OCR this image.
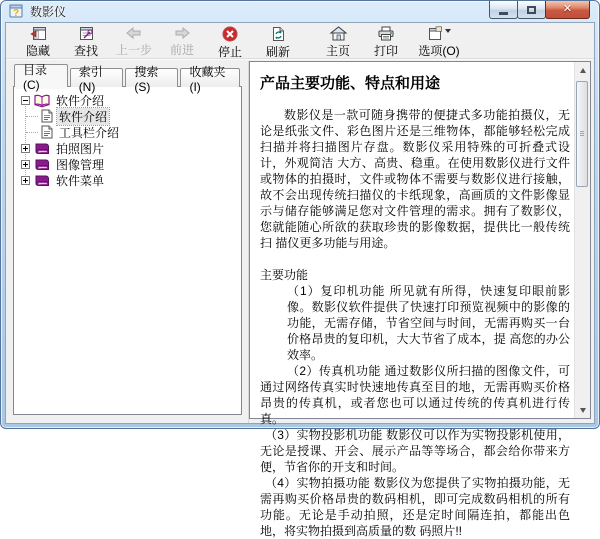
? 数影仪	✕
隐藏 查找 上一步 前进 停止 刷新	主页 打印 选项(O)
目录(C)
索引(N)
搜索(S)
收藏夹(I)
软件介绍
软件介绍
工具栏介绍
拍照图片
图像管理
软件菜单
产品主要功能、特点和用途

数影仪是一款可随身携带的便捷式多功能拍摄仪，无论是纸张文件、彩色图片还是三维物体，都能够轻松完成扫描并将扫描图片存盘。数影仪采用特殊的可折叠式设计，外观简洁 大方、高贵、稳重。在使用数影仪进行文件或物体的拍摄时，文件或物体不需要与数影仪进行接触，故不会出现传统扫描仪的卡纸现象，高画质的文件影像显示与储存能够满足您对文件管理的需求。拥有了数影仪，您就能随心所欲的获取珍贵的影像数据，提供比一般传统扫 描仪更多功能与用途。

主要功能

（1）复印机功能 所见就有所得，快速复印眼前影像。数影仪软件提供了快速打印预览视频中的影像的功能，无需存储，节省空间与时间，无需再购买一台价格昂贵的复印机，大大节省了成本，提 高您的办公效率。

（2）传真机功能 通过数影仪所扫描的图像文件，可通过网络传真实时快速地传真至目的地，无需再购买价格昂贵的传真机，或者您也可以通过传统的传真机进行传真。

（3）实物投影机功能 数影仪可以作为实物投影机使用，无论是授课、开会、展示产品等等场合，都会给你带来方便，节省你的开支和时间。

（4）实物拍摄功能 数影仪为您提供了实物拍摄功能，无需再购买价格昂贵的数码相机，即可完成数码相机的所有功能。无论是手动拍照，还是定时间隔连拍，都能出色地，将实物拍摄到高质量的数 码照片!!
